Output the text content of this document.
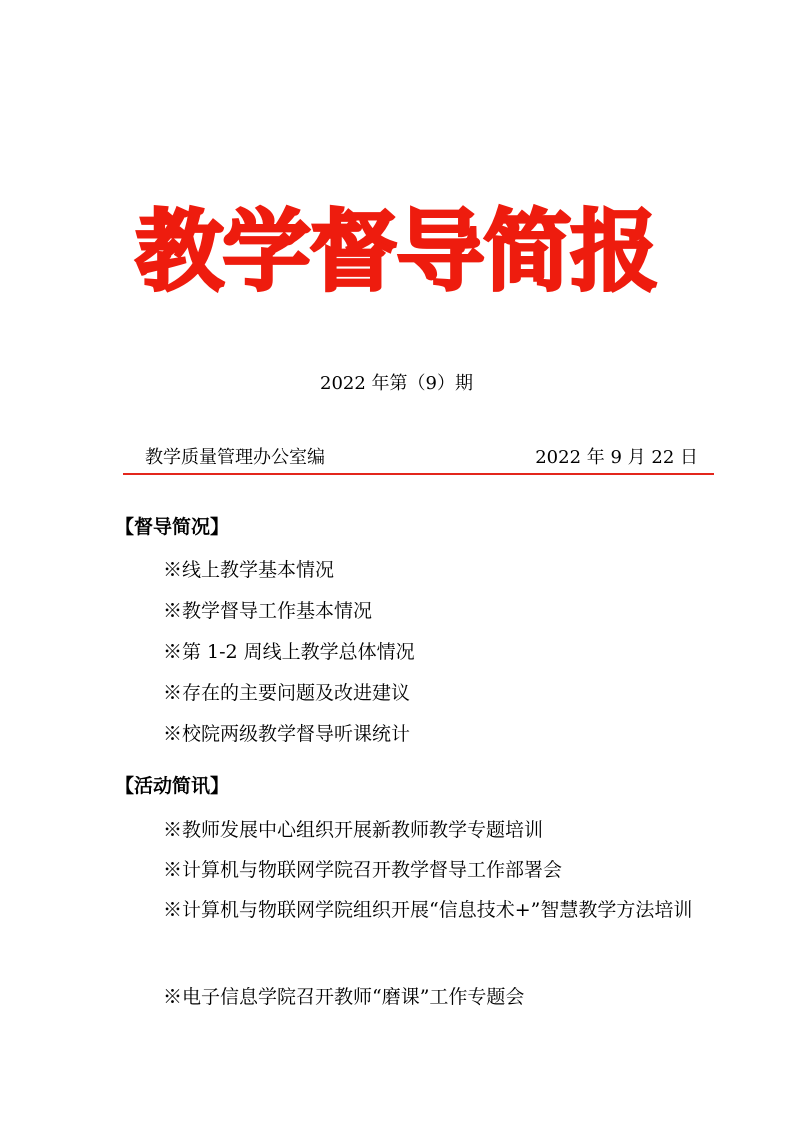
教学督导简报
2022 年第（9）期
教学质量管理办公室编	2022 年 9 月 22 日
【督导简况】
※线上教学基本情况
※教学督导工作基本情况
※第 1-2 周线上教学总体情况
※存在的主要问题及改进建议
※校院两级教学督导听课统计
【活动简讯】
※教师发展中心组织开展新教师教学专题培训
※计算机与物联网学院召开教学督导工作部署会
※计算机与物联网学院组织开展“信息技术+”智慧教学方法培训
※电子信息学院召开教师“磨课”工作专题会
